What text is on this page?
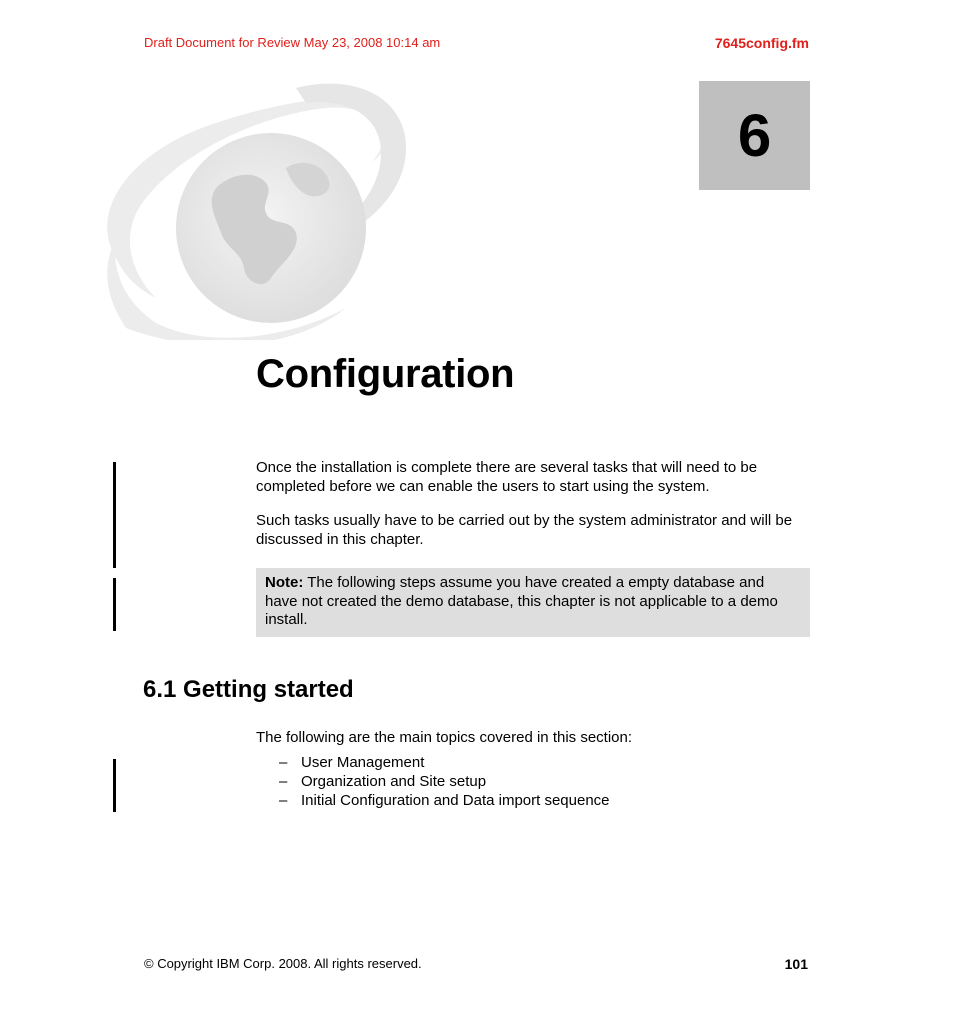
Draft Document for Review May 23, 2008 10:14 am	7645config.fm
6
Configuration
Once the installation is complete there are several tasks that will need to be completed before we can enable the users to start using the system.
Such tasks usually have to be carried out by the system administrator and will be discussed in this chapter.
Note: The following steps assume you have created a empty database and have not created the demo database, this chapter is not applicable to a demo install.
6.1 Getting started
The following are the main topics covered in this section:
– User Management
– Organization and Site setup
– Initial Configuration and Data import sequence
© Copyright IBM Corp. 2008. All rights reserved.	101
